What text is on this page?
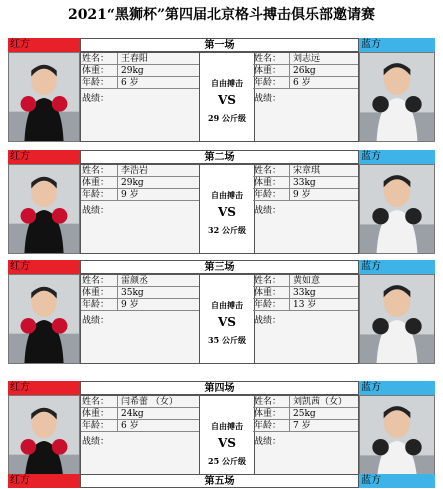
2021“黑狮杯”第四届北京格斗搏击俱乐部邀请赛
红方	第一场	蓝方
姓名：	王春阳
体重：	29kg
年龄：	6 岁
战绩：
自由搏击
VS
29 公斤级
姓名：	刘志远
体重：	26kg
年龄：	6 岁
战绩：
红方	第二场	蓝方
姓名：	李浩岩
体重：	29kg
年龄：	9 岁
战绩：
自由搏击
VS
32 公斤级
姓名：	宋章琪
体重：	33kg
年龄：	9 岁
战绩：
红方	第三场	蓝方
姓名：	雷颜丞
体重：	35kg
年龄：	9 岁
战绩：
自由搏击
VS
35 公斤级
姓名：	黄如意
体重：	33kg
年龄：	13 岁
战绩：
红方	第四场	蓝方
姓名：	闫希蕾 （女）
体重：	24kg
年龄：	6 岁
战绩：
自由搏击
VS
25 公斤级
姓名：	刘凯茜（女）
体重：	25kg
年龄：	7 岁
战绩：
红方	第五场	蓝方
